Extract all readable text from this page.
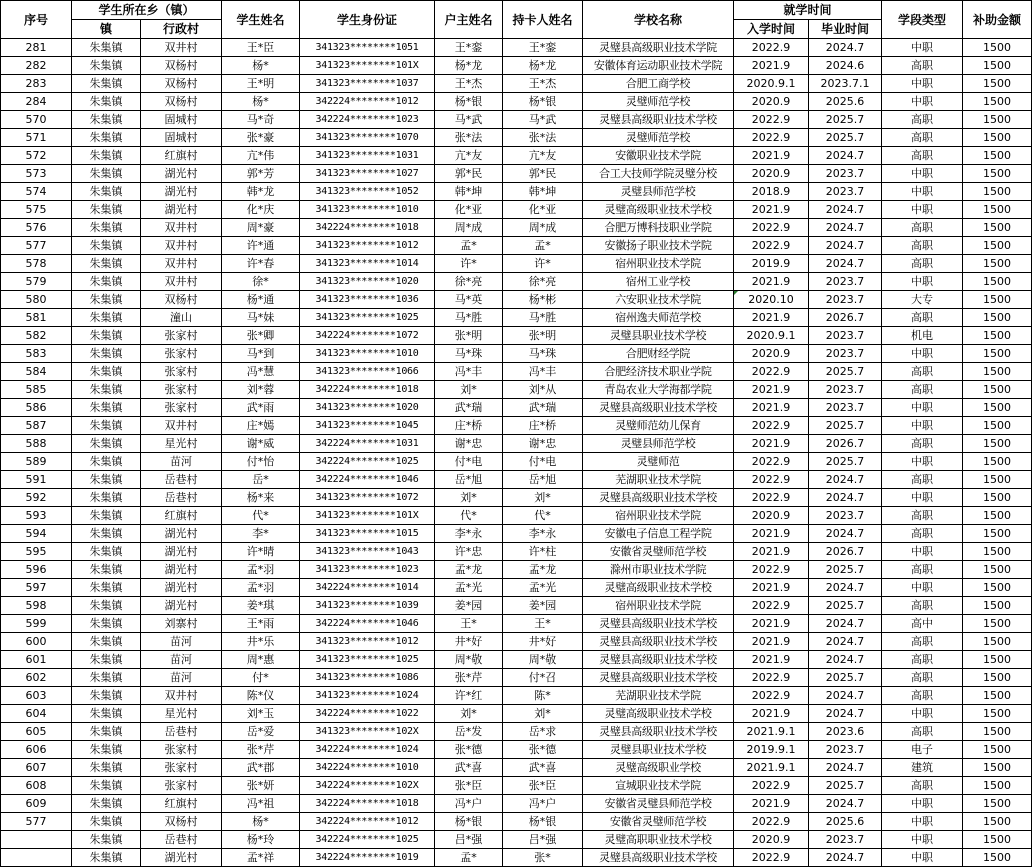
序号	学生所在乡（镇）		学生姓名	学生身份证	户主姓名	持卡人姓名	学校名称	就学时间		学段类型	补助金额
	镇	行政村						入学时间	毕业时间		
281	朱集镇	双井村	王*臣	341323********1051	王*銮	王*銮	灵璧县高级职业技术学院	2022.9	2024.7	中职	1500
282	朱集镇	双杨村	杨*	341323********101X	杨*龙	杨*龙	安徽体育运动职业技术学院	2021.9	2024.6	高职	1500
283	朱集镇	双杨村	王*明	341323********1037	王*杰	王*杰	合肥工商学校	2020.9.1	2023.7.1	中职	1500
284	朱集镇	双杨村	杨*	342224********1012	杨*银	杨*银	灵璧师范学校	2020.9	2025.6	中职	1500
570	朱集镇	固城村	马*奇	342224********1023	马*武	马*武	灵璧县高级职业技术学校	2022.9	2025.7	高职	1500
571	朱集镇	固城村	张*豪	341323********1070	张*法	张*法	灵璧师范学校	2022.9	2025.7	高职	1500
572	朱集镇	红旗村	亢*伟	341323********1031	亢*友	亢*友	安徽职业技术学院	2021.9	2024.7	高职	1500
573	朱集镇	湖光村	郭*芳	341323********1027	郭*民	郭*民	合工大技师学院灵璧分校	2020.9	2023.7	中职	1500
574	朱集镇	湖光村	韩*龙	341323********1052	韩*坤	韩*坤	灵璧县师范学校	2018.9	2023.7	中职	1500
575	朱集镇	湖光村	化*庆	341323********1010	化*亚	化*亚	灵璧高级职业技术学校	2021.9	2024.7	中职	1500
576	朱集镇	双井村	周*豪	342224********1018	周*成	周*成	合肥万博科技职业学院	2022.9	2024.7	高职	1500
577	朱集镇	双井村	许*通	341323********1012	孟*	孟*	安徽扬子职业技术学院	2022.9	2024.7	高职	1500
578	朱集镇	双井村	许*春	341323********1014	许*	许*	宿州职业技术学院	2019.9	2024.7	高职	1500
579	朱集镇	双井村	徐*	341323********1020	徐*亮	徐*亮	宿州工业学校	2021.9	2023.7	中职	1500
580	朱集镇	双杨村	杨*通	341323********1036	马*英	杨*彬	六安职业技术学院	2020.10	2023.7	大专	1500
581	朱集镇	潼山	马*妹	341323********1025	马*胜	马*胜	宿州逸夫师范学校	2021.9	2026.7	高职	1500
582	朱集镇	张家村	张*卿	342224********1072	张*明	张*明	灵璧县职业技术学校	2020.9.1	2023.7	机电	1500
583	朱集镇	张家村	马*到	341323********1010	马*珠	马*珠	合肥财经学院	2020.9	2023.7	中职	1500
584	朱集镇	张家村	冯*慧	341323********1066	冯*丰	冯*丰	合肥经济技术职业学院	2022.9	2025.7	高职	1500
585	朱集镇	张家村	刘*蓉	342224********1018	刘*	刘*从	青岛农业大学海都学院	2021.9	2023.7	高职	1500
586	朱集镇	张家村	武*雨	341323********1020	武*瑞	武*瑞	灵璧县高级职业技术学校	2021.9	2023.7	中职	1500
587	朱集镇	双井村	庄*嫣	341323********1045	庄*桥	庄*桥	灵璧师范幼儿保育	2022.9	2025.7	中职	1500
588	朱集镇	星光村	谢*威	342224********1031	谢*忠	谢*忠	灵璧县师范学校	2021.9	2026.7	高职	1500
589	朱集镇	苗河	付*怡	342224********1025	付*电	付*电	灵璧师范	2022.9	2025.7	中职	1500
591	朱集镇	岳巷村	岳*	342224********1046	岳*旭	岳*旭	芜湖职业技术学院	2022.9	2024.7	高职	1500
592	朱集镇	岳巷村	杨*来	341323********1072	刘*	刘*	灵璧县高级职业技术学校	2022.9	2024.7	中职	1500
593	朱集镇	红旗村	代*	341323********101X	代*	代*	宿州职业技术学院	2020.9	2023.7	高职	1500
594	朱集镇	湖光村	李*	341323********1015	李*永	李*永	安徽电子信息工程学院	2021.9	2024.7	高职	1500
595	朱集镇	湖光村	许*晴	341323********1043	许*忠	许*柱	安徽省灵璧师范学校	2021.9	2026.7	中职	1500
596	朱集镇	湖光村	孟*羽	341323********1023	孟*龙	孟*龙	滁州市职业技术学院	2022.9	2025.7	高职	1500
597	朱集镇	湖光村	孟*羽	342224********1014	孟*光	孟*光	灵璧高级职业技术学校	2021.9	2024.7	中职	1500
598	朱集镇	湖光村	姜*琪	341323********1039	姜*园	姜*园	宿州职业技术学院	2022.9	2025.7	高职	1500
599	朱集镇	刘寨村	王*雨	342224********1046	王*	王*	灵璧县高级职业技术学校	2021.9	2024.7	高中	1500
600	朱集镇	苗河	井*乐	341323********1012	井*好	井*好	灵璧县高级职业技术学校	2021.9	2024.7	高职	1500
601	朱集镇	苗河	周*惠	341323********1025	周*敬	周*敬	灵璧县高级职业技术学校	2021.9	2024.7	高职	1500
602	朱集镇	苗河	付*	341323********1086	张*芹	付*召	灵璧县高级职业技术学校	2022.9	2025.7	高职	1500
603	朱集镇	双井村	陈*仪	341323********1024	许*红	陈*	芜湖职业技术学院	2022.9	2024.7	高职	1500
604	朱集镇	星光村	刘*玉	342224********1022	刘*	刘*	灵璧高级职业技术学校	2021.9	2024.7	中职	1500
605	朱集镇	岳巷村	岳*爱	341323********102X	岳*发	岳*求	灵璧县高级职业技术学校	2021.9.1	2023.6	高职	1500
606	朱集镇	张家村	张*芹	342224********1024	张*德	张*德	灵璧县职业技术学校	2019.9.1	2023.7	电子	1500
607	朱集镇	张家村	武*郡	342224********1010	武*喜	武*喜	灵璧高级职业学校	2021.9.1	2024.7	建筑	1500
608	朱集镇	张家村	张*妍	342224********102X	张*臣	张*臣	宣城职业技术学院	2022.9	2025.7	高职	1500
609	朱集镇	红旗村	冯*祖	342224********1018	冯*户	冯*户	安徽省灵璧县师范学校	2021.9	2024.7	中职	1500
577	朱集镇	双杨村	杨*	342224********1012	杨*银	杨*银	安徽省灵璧师范学校	2022.9	2025.6	中职	1500
	朱集镇	岳巷村	杨*玲	342224********1025	吕*强	吕*强	灵璧高职职业技术学校	2020.9	2023.7	中职	1500
	朱集镇	湖光村	孟*祥	342224********1019	孟*	张*	灵璧县高级职业技术学校	2022.9	2024.7	中职	1500
